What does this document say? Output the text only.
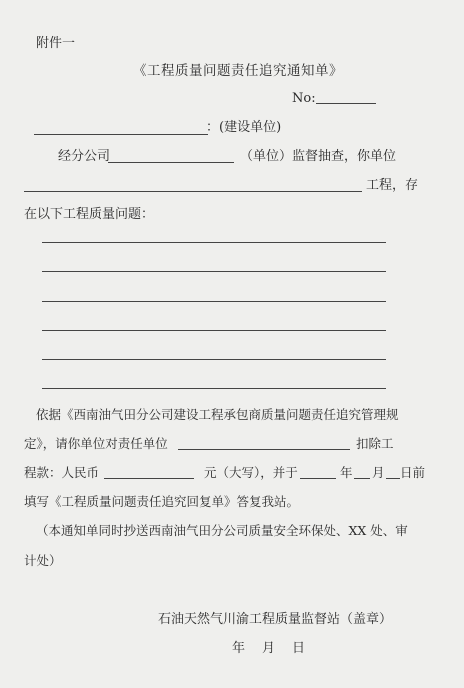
附件一
《工程质量问题责任追究通知单》
No:
：(建设单位)
经分公司	（单位）监督抽查，你单位
工程，存
在以下工程质量问题：
依据《西南油气田分公司建设工程承包商质量问题责任追究管理规
定》，请你单位对责任单位	扣除工
程款：人民币	元（大写），并于	年 月 日前
填写《工程质量问题责任追究回复单》答复我站。
（本通知单同时抄送西南油气田分公司质量安全环保处、XX 处、审
计处）
石油天然气川渝工程质量监督站（盖章）
年 月 日
